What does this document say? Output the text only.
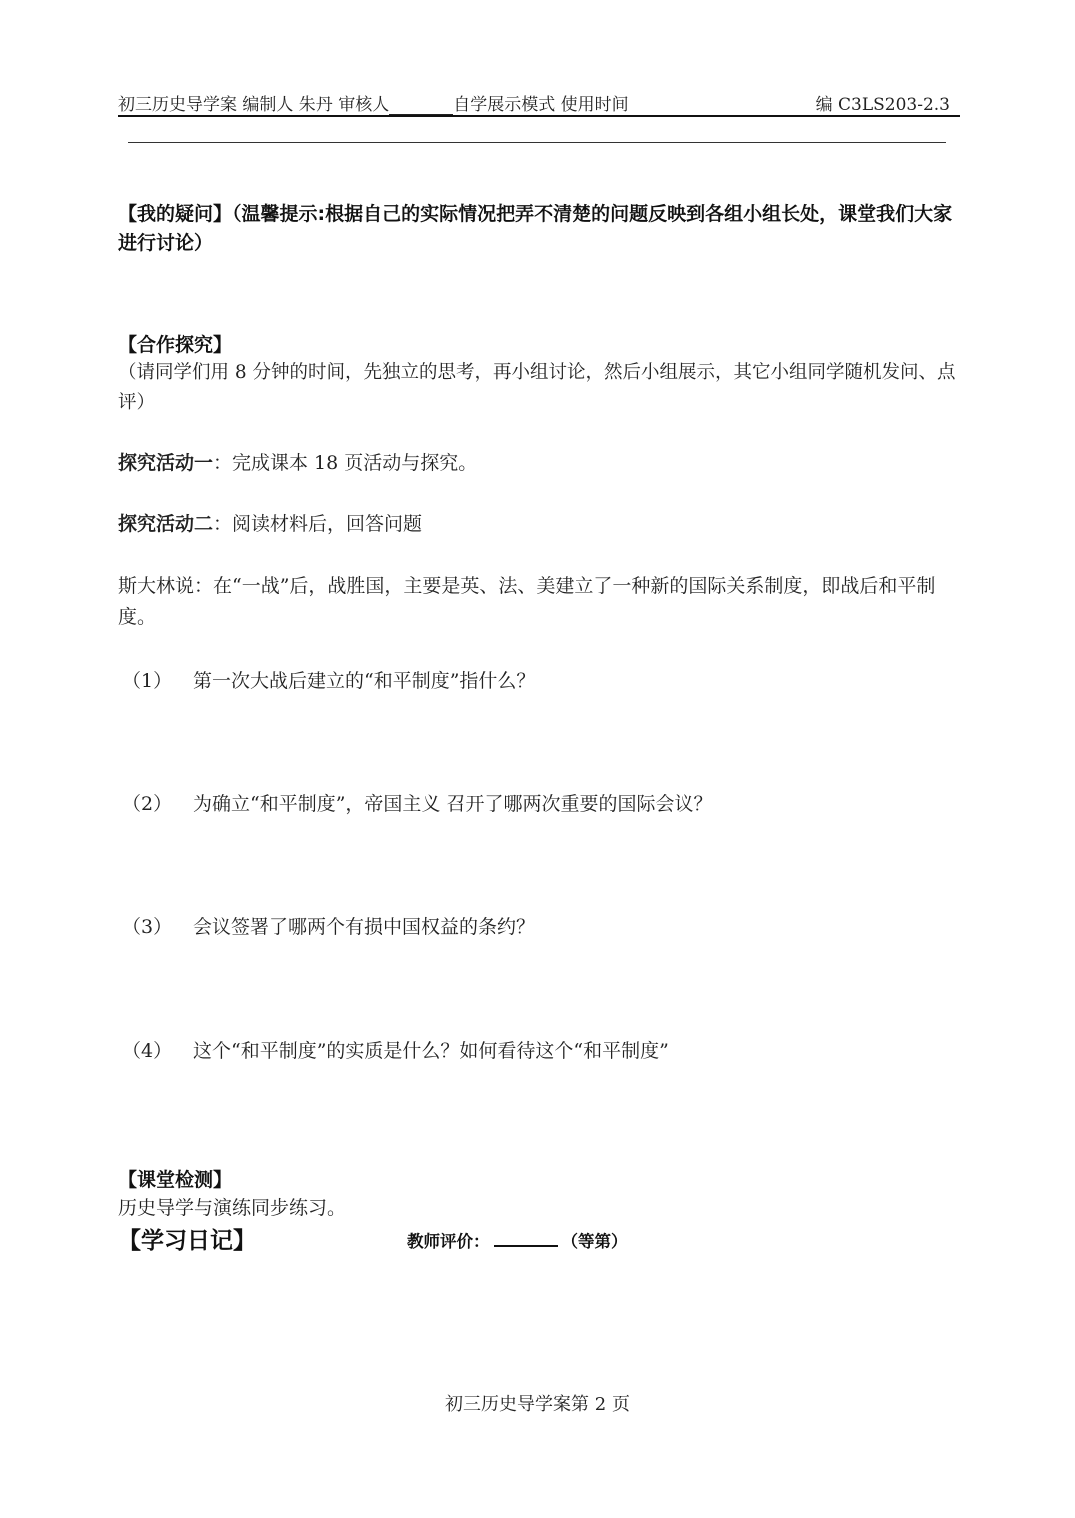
初三历史导学案 编制人 朱丹 审核人	自学展示模式 使用时间	编 C3LS203-2.3
【我的疑问】（温馨提示:根据自己的实际情况把弄不清楚的问题反映到各组小组长处，课堂我们大家进行讨论）
【合作探究】
（请同学们用 8 分钟的时间，先独立的思考，再小组讨论，然后小组展示，其它小组同学随机发问、点评）
探究活动一：完成课本 18 页活动与探究。
探究活动二：阅读材料后，回答问题
斯大林说：在“一战”后，战胜国，主要是英、法、美建立了一种新的国际关系制度，即战后和平制度。
（1） 第一次大战后建立的“和平制度”指什么？
（2） 为确立“和平制度”，帝国主义 召开了哪两次重要的国际会议？
（3） 会议签署了哪两个有损中国权益的条约？
（4） 这个“和平制度”的实质是什么？如何看待这个“和平制度”
【课堂检测】
历史导学与演练同步练习。
【学习日记】	教师评价：	（等第）
初三历史导学案第 2 页
